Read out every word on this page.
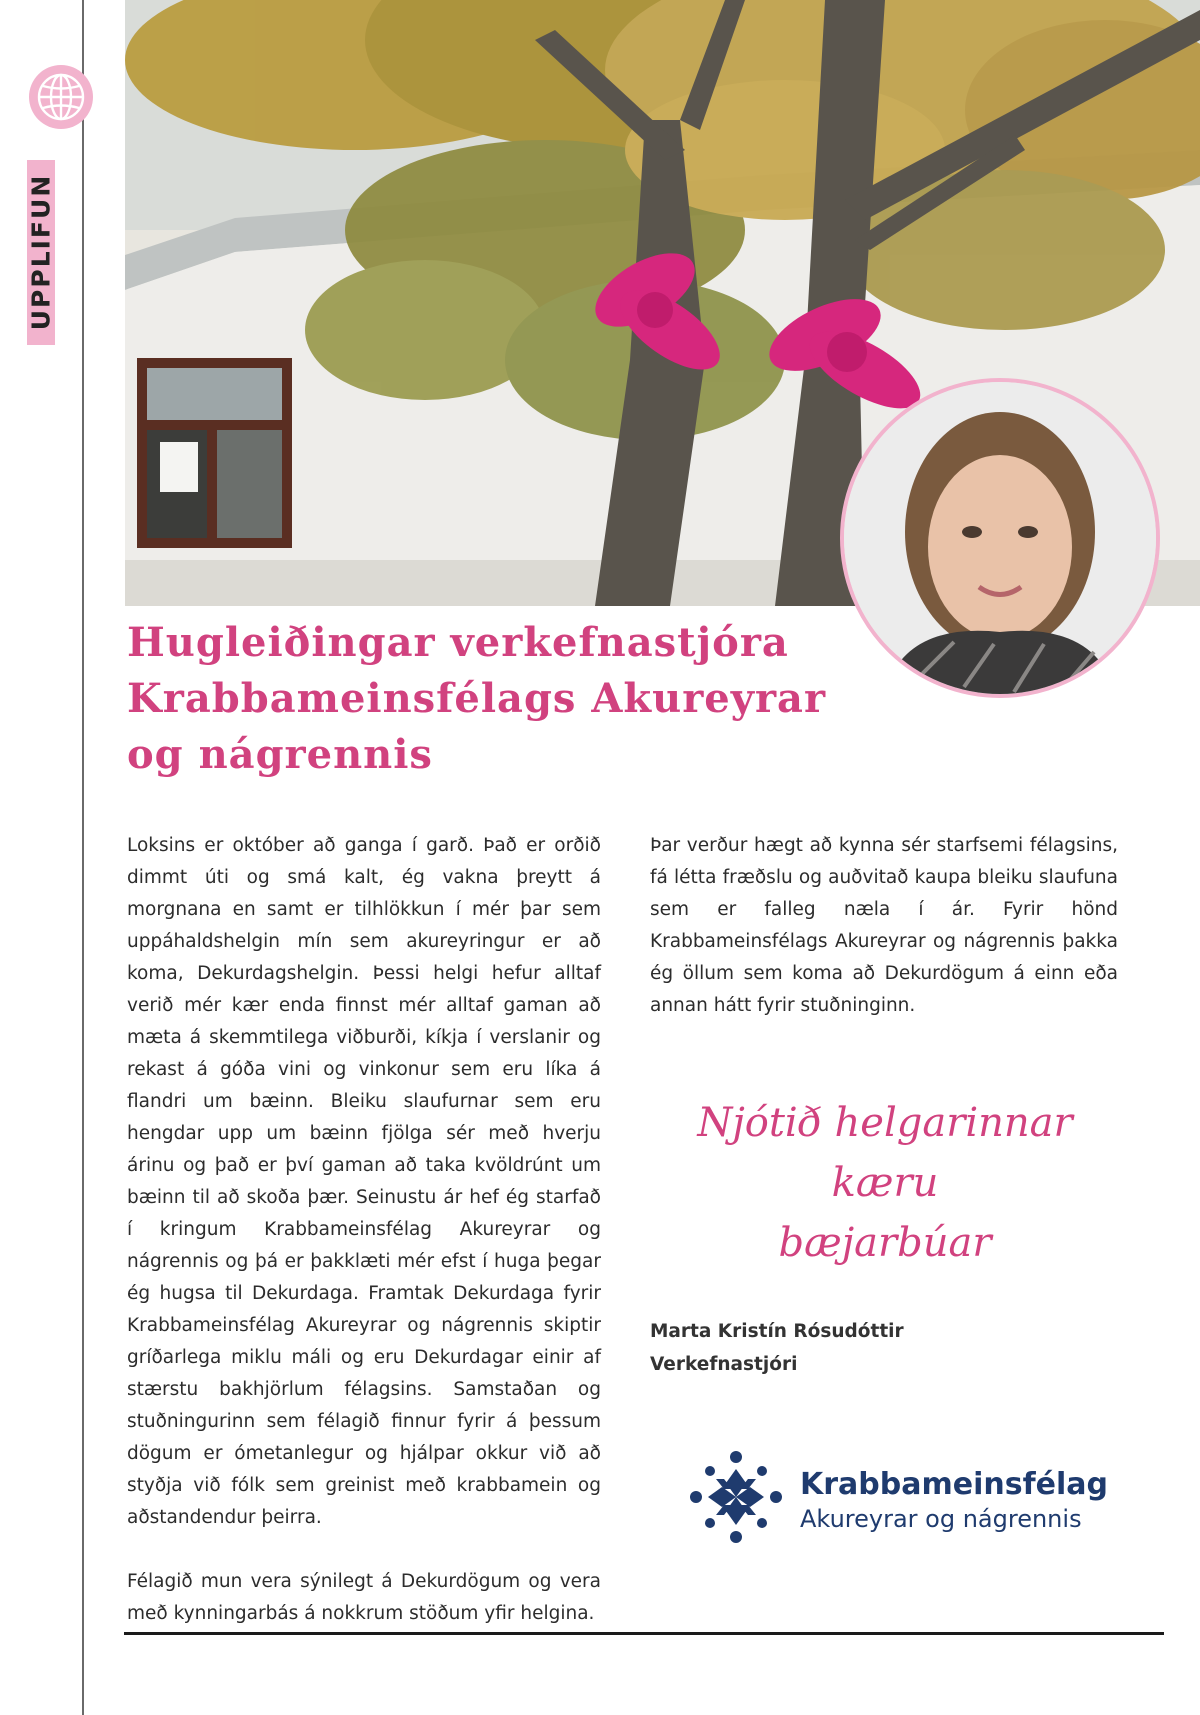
UPPLIFUN
Hugleiðingar verkefnastjóra
Krabbameinsfélags Akureyrar
og nágrennis

Loksins er október að ganga í garð. Það er orðið dimmt úti og smá kalt, ég vakna þreytt á morgnana en samt er tilhlökkun í mér þar sem uppáhaldshelgin mín sem akureyringur er að koma, Dekurdagshelgin. Þessi helgi hefur alltaf verið mér kær enda finnst mér alltaf gaman að mæta á skemmtilega viðburði, kíkja í verslanir og rekast á góða vini og vinkonur sem eru líka á flandri um bæinn. Bleiku slaufurnar sem eru hengdar upp um bæinn fjölga sér með hverju árinu og það er því gaman að taka kvöldrúnt um bæinn til að skoða þær. Seinustu ár hef ég starfað í kringum Krabbameinsfélag Akureyrar og nágrennis og þá er þakklæti mér efst í huga þegar ég hugsa til Dekurdaga. Framtak Dekurdaga fyrir Krabbameinsfélag Akureyrar og nágrennis skiptir gríðarlega miklu máli og eru Dekurdagar einir af stærstu bakhjörlum félagsins. Samstaðan og stuðningurinn sem félagið finnur fyrir á þessum dögum er ómetanlegur og hjálpar okkur við að styðja við fólk sem greinist með krabbamein og aðstandendur þeirra.

Félagið mun vera sýnilegt á Dekurdögum og vera með kynningarbás á nokkrum stöðum yfir helgina.

Þar verður hægt að kynna sér starfsemi félagsins, fá létta fræðslu og auðvitað kaupa bleiku slaufuna sem er falleg næla í ár. Fyrir hönd Krabbameinsfélags Akureyrar og nágrennis þakka ég öllum sem koma að Dekurdögum á einn eða annan hátt fyrir stuðninginn.

Njótið helgarinnar kæru
bæjarbúar
Marta Kristín Rósudóttir
Verkefnastjóri
Krabbameinsfélag
Akureyrar og nágrennis
